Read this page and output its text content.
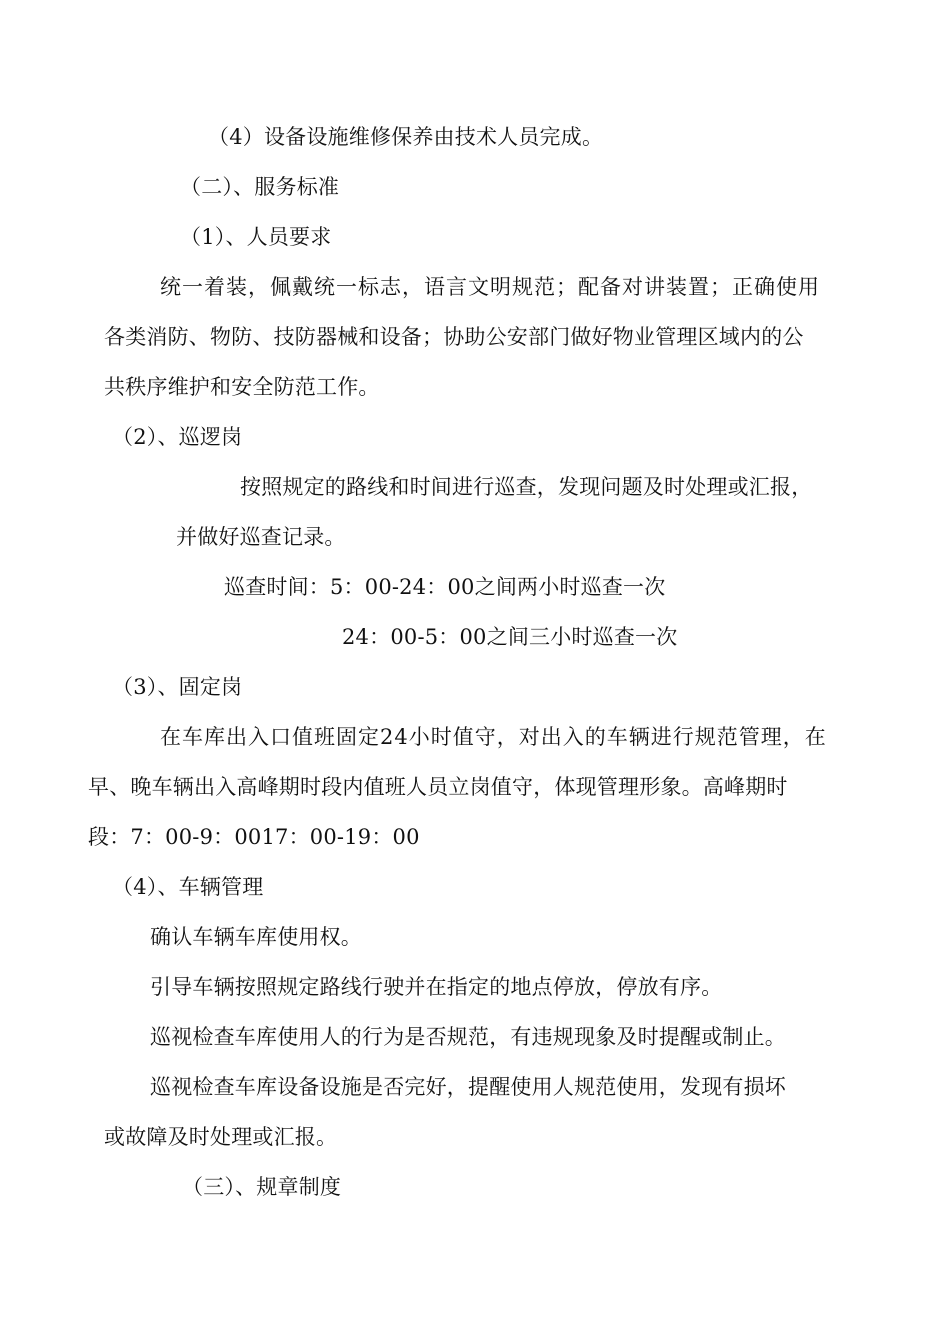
（4）设备设施维修保养由技术人员完成。
（二）、服务标准
（1）、人员要求
统一着装，佩戴统一标志，语言文明规范；配备对讲装置；正确使用
各类消防、物防、技防器械和设备；协助公安部门做好物业管理区域内的公
共秩序维护和安全防范工作。
（2）、巡逻岗
按照规定的路线和时间进行巡查，发现问题及时处理或汇报，
并做好巡查记录。
巡查时间：5：00-24：00之间两小时巡查一次
24：00-5：00之间三小时巡查一次
（3）、固定岗
在车库出入口值班固定24小时值守，对出入的车辆进行规范管理，在
早、晚车辆出入高峰期时段内值班人员立岗值守，体现管理形象。高峰期时
段：7：00-9：0017：00-19：00
（4）、车辆管理
确认车辆车库使用权。
引导车辆按照规定路线行驶并在指定的地点停放，停放有序。
巡视检查车库使用人的行为是否规范，有违规现象及时提醒或制止。
巡视检查车库设备设施是否完好，提醒使用人规范使用，发现有损坏
或故障及时处理或汇报。
（三）、规章制度
